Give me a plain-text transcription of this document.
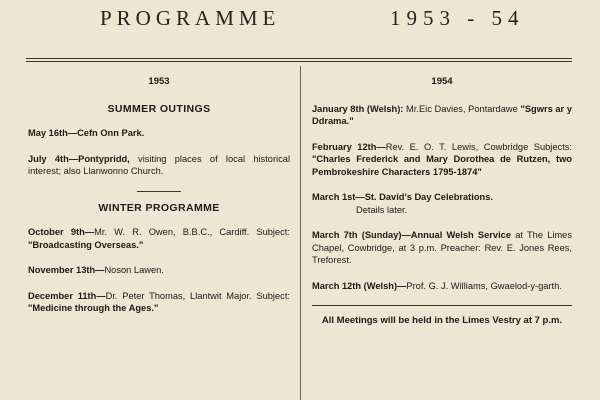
PROGRAMME	1953 - 54
1953
SUMMER OUTINGS
May 16th—Cefn Onn Park.
July 4th—Pontypridd, visiting places of local historical interest; also Llanwonno Church.
WINTER PROGRAMME
October 9th—Mr. W. R. Owen, B.B.C., Cardiff. Subject: "Broadcasting Overseas."
November 13th—Noson Lawen.
December 11th—Dr. Peter Thomas, Llantwit Major. Subject: "Medicine through the Ages."
1954
January 8th (Welsh): Mr.Eic Davies, Pontardawe "Sgwrs ar y Ddrama."
February 12th—Rev. E. O. T. Lewis, Cowbridge Subjects: "Charles Frederick and Mary Dorothea de Rutzen, two Pembrokeshire Characters 1795-1874"
March 1st—St. David's Day Celebrations.
Details later.
March 7th (Sunday)—Annual Welsh Service at The Limes Chapel, Cowbridge, at 3 p.m. Preacher: Rev. E. Jones Rees, Treforest.
March 12th (Welsh)—Prof. G. J. Williams, Gwaelod-y-garth.
All Meetings will be held in the Limes Vestry at 7 p.m.
